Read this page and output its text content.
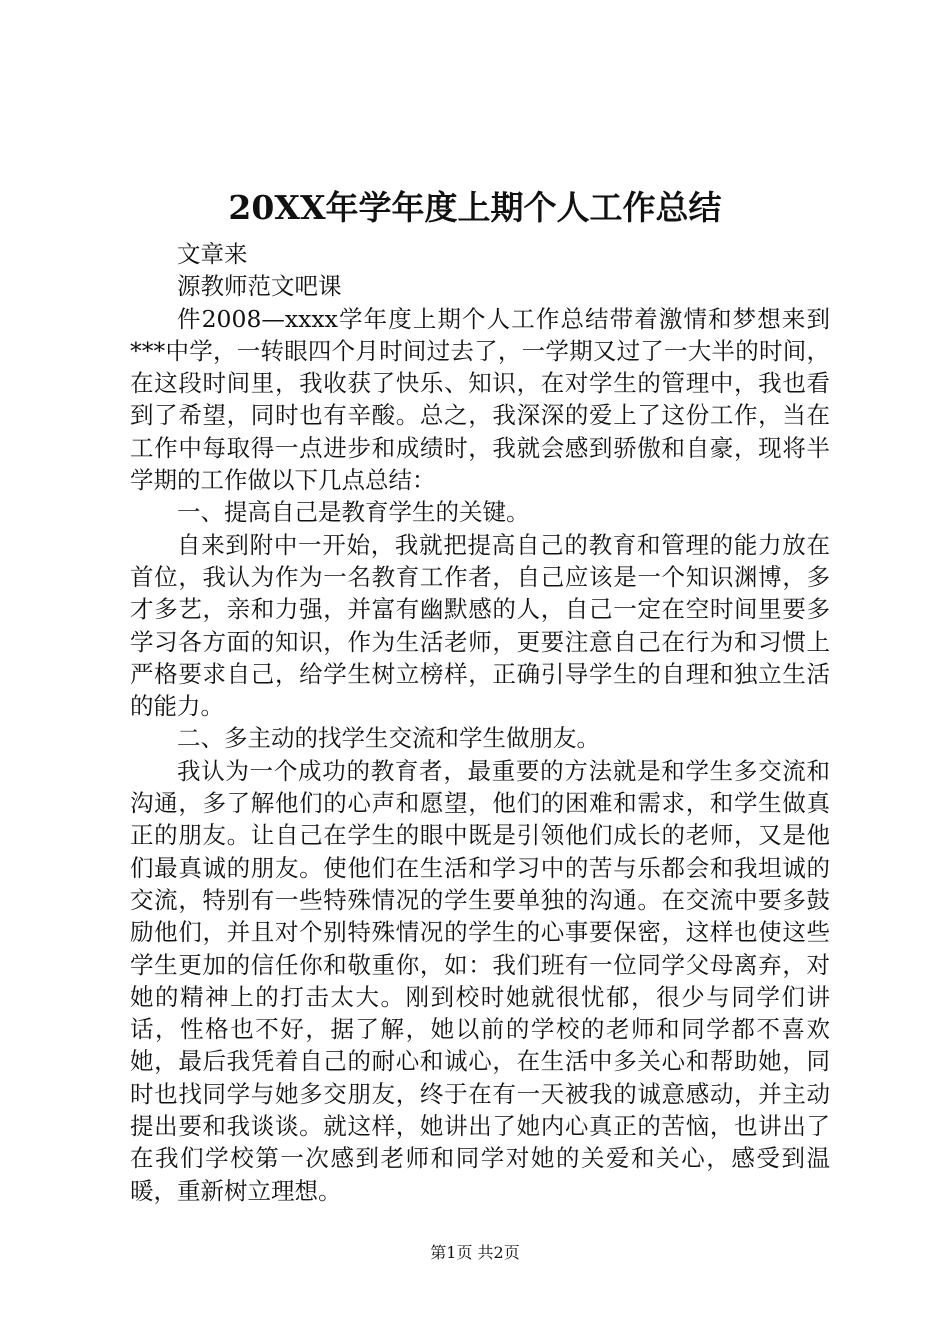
20XX年学年度上期个人工作总结

文章来

源教师范文吧课

件2008—xxxx学年度上期个人工作总结带着激情和梦想来到***中学，一转眼四个月时间过去了，一学期又过了一大半的时间，在这段时间里，我收获了快乐、知识，在对学生的管理中，我也看到了希望，同时也有辛酸。总之，我深深的爱上了这份工作，当在工作中每取得一点进步和成绩时，我就会感到骄傲和自豪，现将半学期的工作做以下几点总结：

一、提高自己是教育学生的关键。

自来到附中一开始，我就把提高自己的教育和管理的能力放在首位，我认为作为一名教育工作者，自己应该是一个知识渊博，多才多艺，亲和力强，并富有幽默感的人，自己一定在空时间里要多学习各方面的知识，作为生活老师，更要注意自己在行为和习惯上严格要求自己，给学生树立榜样，正确引导学生的自理和独立生活的能力。

二、多主动的找学生交流和学生做朋友。

我认为一个成功的教育者，最重要的方法就是和学生多交流和沟通，多了解他们的心声和愿望，他们的困难和需求，和学生做真正的朋友。让自己在学生的眼中既是引领他们成长的老师，又是他们最真诚的朋友。使他们在生活和学习中的苦与乐都会和我坦诚的交流，特别有一些特殊情况的学生要单独的沟通。在交流中要多鼓励他们，并且对个别特殊情况的学生的心事要保密，这样也使这些学生更加的信任你和敬重你，如：我们班有一位同学父母离弃，对她的精神上的打击太大。刚到校时她就很忧郁，很少与同学们讲话，性格也不好，据了解，她以前的学校的老师和同学都不喜欢她，最后我凭着自己的耐心和诚心，在生活中多关心和帮助她，同时也找同学与她多交朋友，终于在有一天被我的诚意感动，并主动提出要和我谈谈。就这样，她讲出了她内心真正的苦恼，也讲出了在我们学校第一次感到老师和同学对她的关爱和关心，感受到温暖，重新树立理想。

第1页 共2页
